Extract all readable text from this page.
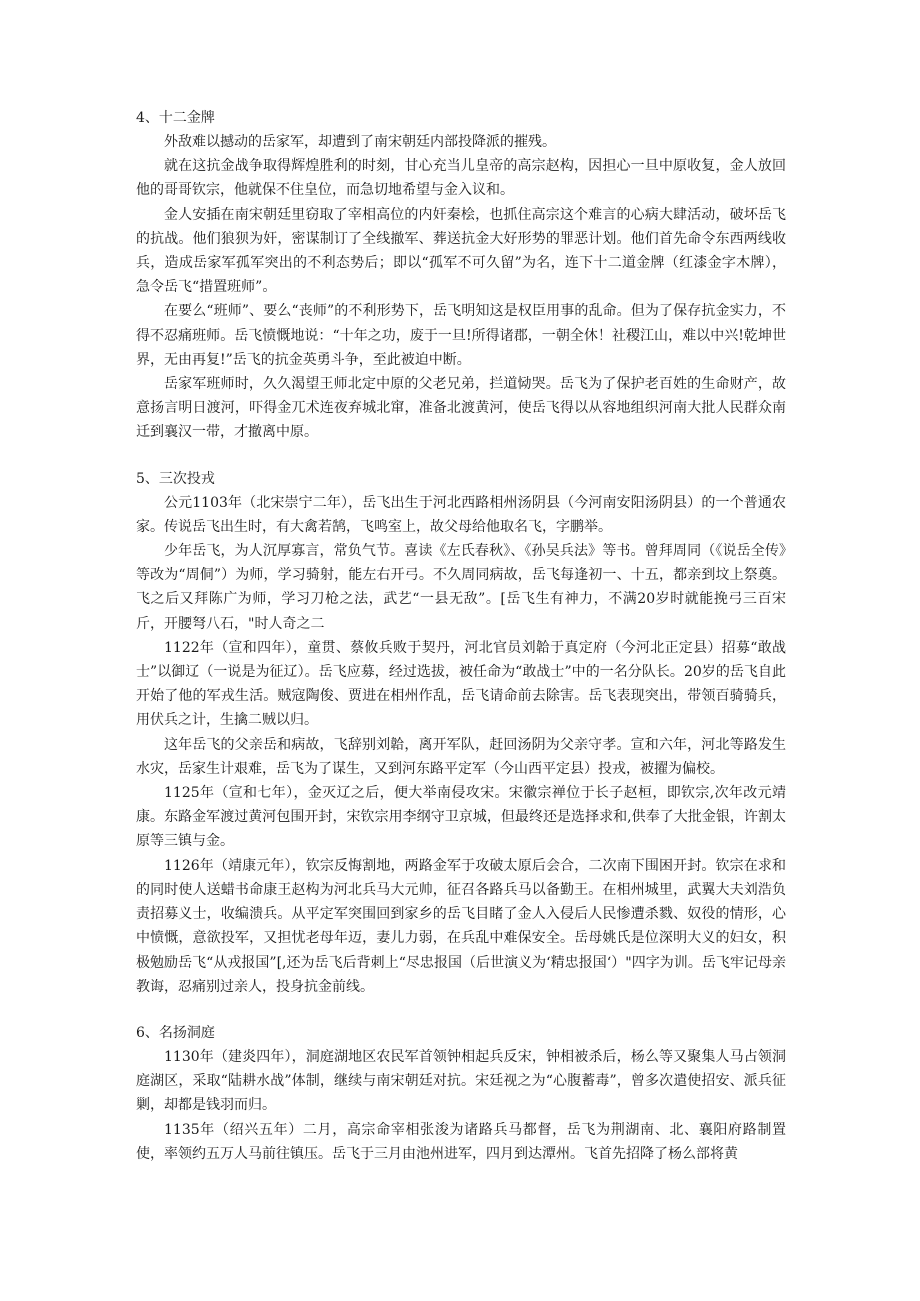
4、十二金牌

外敌难以撼动的岳家军，却遭到了南宋朝廷内部投降派的摧残。

就在这抗金战争取得辉煌胜利的时刻，甘心充当儿皇帝的高宗赵构，因担心一旦中原收复，金人放回他的哥哥钦宗，他就保不住皇位，而急切地希望与金入议和。

金人安插在南宋朝廷里窃取了宰相高位的内奸秦桧，也抓住高宗这个难言的心病大肆活动，破坏岳飞的抗战。他们狼狈为奸，密谋制订了全线撤军、葬送抗金大好形势的罪恶计划。他们首先命令东西两线收兵，造成岳家军孤军突出的不利态势后；即以“孤军不可久留”为名，连下十二道金牌（红漆金字木牌），急令岳飞“措置班师”。

在要么“班师”、要么“丧师”的不利形势下，岳飞明知这是权臣用事的乱命。但为了保存抗金实力，不得不忍痛班师。岳飞愤慨地说：“十年之功，废于一旦!所得诸郡，一朝全休！社稷江山，难以中兴!乾坤世界，无由再复!”岳飞的抗金英勇斗争，至此被迫中断。

岳家军班师时，久久渴望王师北定中原的父老兄弟，拦道恸哭。岳飞为了保护老百姓的生命财产，故意扬言明日渡河，吓得金兀术连夜弃城北窜，准备北渡黄河，使岳飞得以从容地组织河南大批人民群众南迁到襄汉一带，才撤离中原。

5、三次投戎

公元1103年（北宋崇宁二年），岳飞出生于河北西路相州汤阴县（今河南安阳汤阴县）的一个普通农家。传说岳飞出生时，有大禽若鹄，飞鸣室上，故父母给他取名飞，字鹏举。

少年岳飞，为人沉厚寡言，常负气节。喜读《左氏春秋》、《孙吴兵法》等书。曾拜周同（《说岳全传》等改为“周侗”）为师，学习骑射，能左右开弓。不久周同病故，岳飞每逢初一、十五，都亲到坟上祭奠。飞之后又拜陈广为师，学习刀枪之法，武艺“一县无敌”。[岳飞生有神力，不满20岁时就能挽弓三百宋斤，开腰弩八石，"时人奇之二

1122年（宣和四年），童贯、蔡攸兵败于契丹，河北官员刘韐于真定府（今河北正定县）招募“敢战士”以御辽（一说是为征辽）。岳飞应募，经过选拔，被任命为“敢战士”中的一名分队长。20岁的岳飞自此开始了他的军戎生活。贼寇陶俊、贾进在相州作乱，岳飞请命前去除害。岳飞表现突出，带领百骑骑兵，用伏兵之计，生擒二贼以归。

这年岳飞的父亲岳和病故，飞辞别刘韐，离开军队，赶回汤阴为父亲守孝。宣和六年，河北等路发生水灾，岳家生计艰难，岳飞为了谋生，又到河东路平定军（今山西平定县）投戎，被擢为偏校。

1125年（宣和七年），金灭辽之后，便大举南侵攻宋。宋徽宗禅位于长子赵桓，即钦宗,次年改元靖康。东路金军渡过黄河包围开封，宋钦宗用李纲守卫京城，但最终还是选择求和,供奉了大批金银，许割太原等三镇与金。

1126年（靖康元年），钦宗反悔割地，两路金军于攻破太原后会合，二次南下围困开封。钦宗在求和的同时使人送蜡书命康王赵构为河北兵马大元帅，征召各路兵马以备勤王。在相州城里，武翼大夫刘浩负责招募义士，收编溃兵。从平定军突围回到家乡的岳飞目睹了金人入侵后人民惨遭杀戮、奴役的情形，心中愤慨，意欲投军，又担忧老母年迈，妻儿力弱，在兵乱中难保安全。岳母姚氏是位深明大义的妇女，积极勉励岳飞“从戎报国”[,还为岳飞后背刺上“尽忠报国（后世演义为‘精忠报国‘）"四字为训。岳飞牢记母亲教诲，忍痛别过亲人，投身抗金前线。

6、名扬洞庭

1130年（建炎四年），洞庭湖地区农民军首领钟相起兵反宋，钟相被杀后，杨么等又聚集人马占领洞庭湖区，采取“陆耕水战”体制，继续与南宋朝廷对抗。宋廷视之为“心腹蓄毒”，曾多次遣使招安、派兵征剿，却都是钱羽而归。

1135年（绍兴五年）二月，高宗命宰相张浚为诸路兵马都督，岳飞为荆湖南、北、襄阳府路制置使，率领约五万人马前往镇压。岳飞于三月由池州进军，四月到达潭州。飞首先招降了杨么部将黄
